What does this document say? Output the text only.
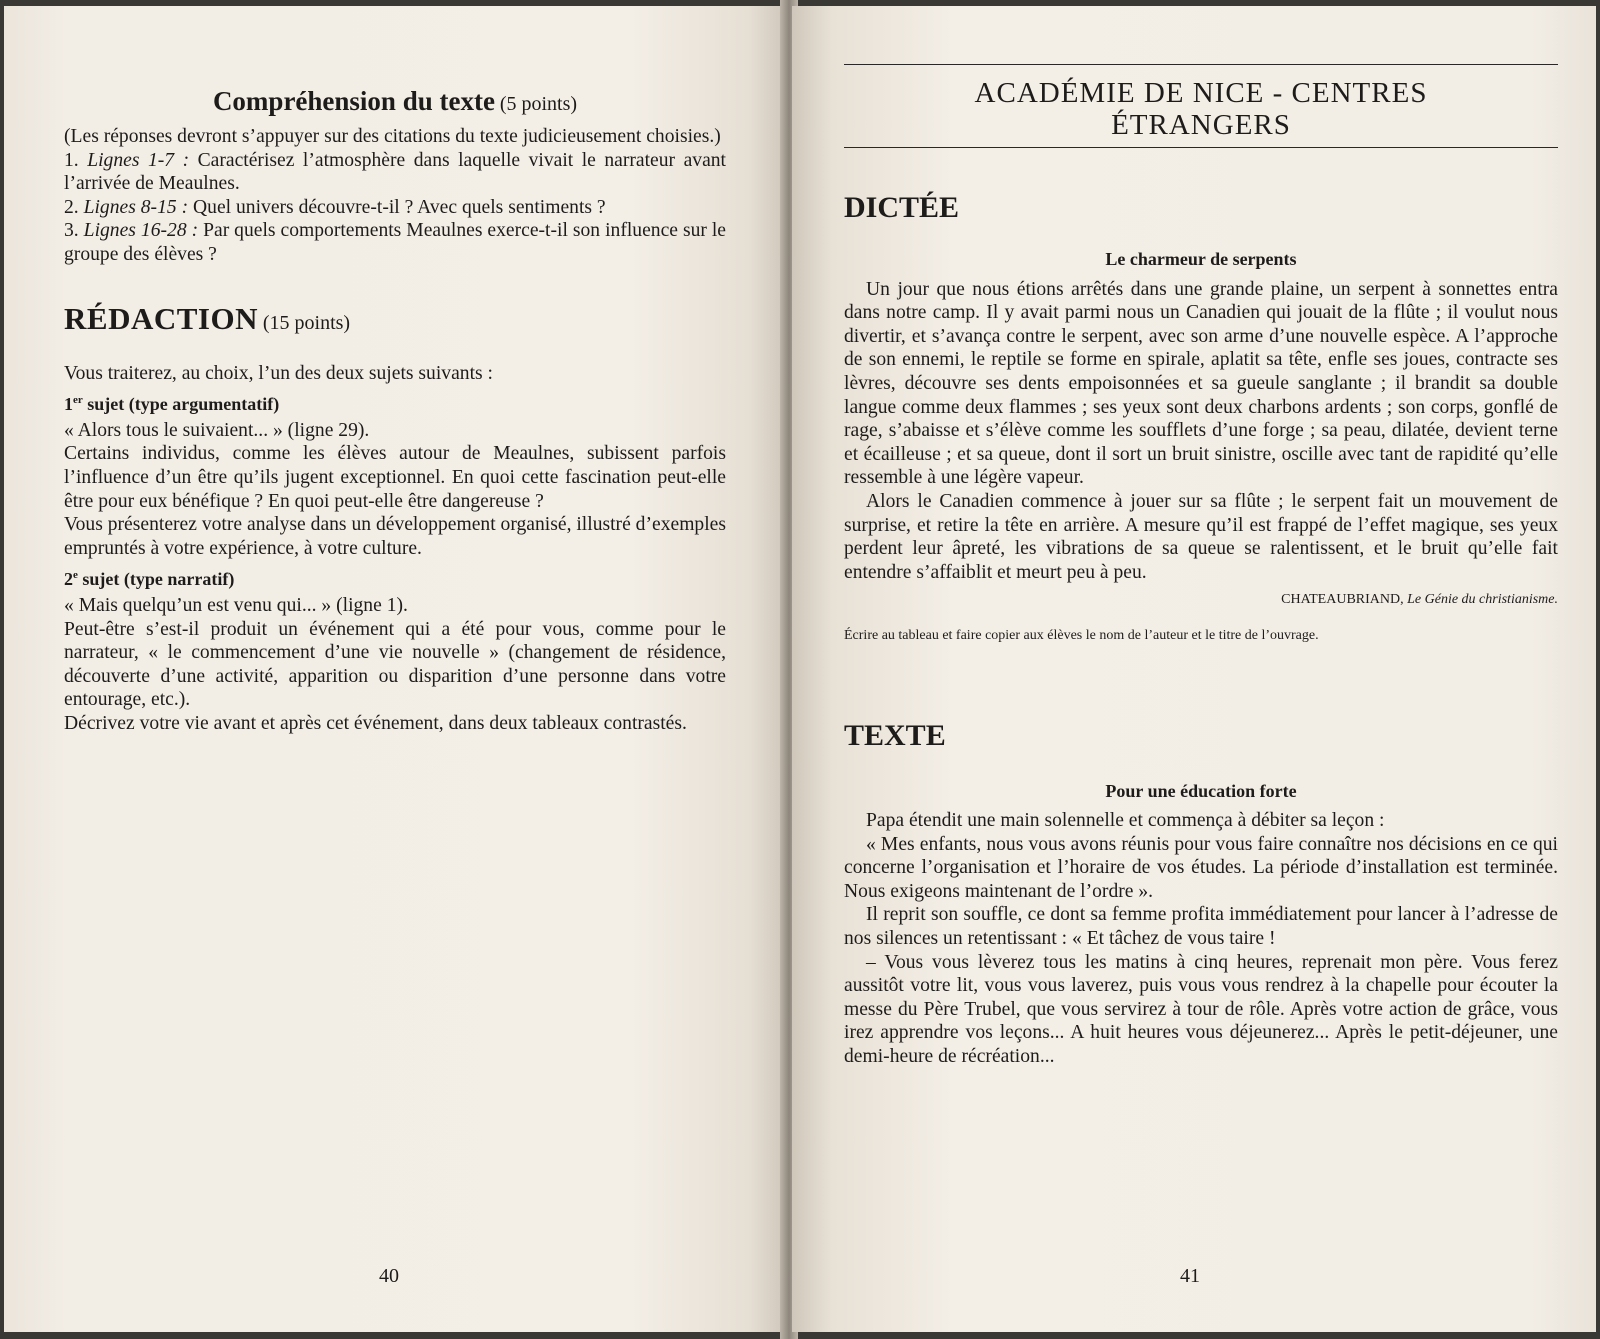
Compréhension du texte (5 points)

(Les réponses devront s’appuyer sur des citations du texte judicieusement choisies.)

1. Lignes 1-7 : Caractérisez l’atmosphère dans laquelle vivait le narrateur avant l’arrivée de Meaulnes.

2. Lignes 8-15 : Quel univers découvre-t-il ? Avec quels sentiments ?

3. Lignes 16-28 : Par quels comportements Meaulnes exerce-t-il son influence sur le groupe des élèves ?

RÉDACTION (15 points)

Vous traiterez, au choix, l’un des deux sujets suivants :

1er sujet (type argumentatif)

« Alors tous le suivaient... » (ligne 29).

Certains individus, comme les élèves autour de Meaulnes, subissent parfois l’influence d’un être qu’ils jugent exceptionnel. En quoi cette fascination peut-elle être pour eux bénéfique ? En quoi peut-elle être dangereuse ?

Vous présenterez votre analyse dans un développement organisé, illustré d’exemples empruntés à votre expérience, à votre culture.

2e sujet (type narratif)

« Mais quelqu’un est venu qui... » (ligne 1).

Peut-être s’est-il produit un événement qui a été pour vous, comme pour le narrateur, « le commencement d’une vie nouvelle » (changement de résidence, découverte d’une activité, apparition ou disparition d’une personne dans votre entourage, etc.).

Décrivez votre vie avant et après cet événement, dans deux tableaux contrastés.

40
ACADÉMIE DE NICE - CENTRES
ÉTRANGERS
DICTÉE
Le charmeur de serpents

Un jour que nous étions arrêtés dans une grande plaine, un serpent à sonnettes entra dans notre camp. Il y avait parmi nous un Canadien qui jouait de la flûte ; il voulut nous divertir, et s’avança contre le serpent, avec son arme d’une nouvelle espèce. A l’approche de son ennemi, le reptile se forme en spirale, aplatit sa tête, enfle ses joues, contracte ses lèvres, découvre ses dents empoisonnées et sa gueule sanglante ; il brandit sa double langue comme deux flammes ; ses yeux sont deux charbons ardents ; son corps, gonflé de rage, s’abaisse et s’élève comme les soufflets d’une forge ; sa peau, dilatée, devient terne et écailleuse ; et sa queue, dont il sort un bruit sinistre, oscille avec tant de rapidité qu’elle ressemble à une légère vapeur.

Alors le Canadien commence à jouer sur sa flûte ; le serpent fait un mouvement de surprise, et retire la tête en arrière. A mesure qu’il est frappé de l’effet magique, ses yeux perdent leur âpreté, les vibrations de sa queue se ralentissent, et le bruit qu’elle fait entendre s’affaiblit et meurt peu à peu.

CHATEAUBRIAND, Le Génie du christianisme.

Écrire au tableau et faire copier aux élèves le nom de l’auteur et le titre de l’ouvrage.

TEXTE
Pour une éducation forte

Papa étendit une main solennelle et commença à débiter sa leçon :

« Mes enfants, nous vous avons réunis pour vous faire connaître nos décisions en ce qui concerne l’organisation et l’horaire de vos études. La période d’installation est terminée. Nous exigeons maintenant de l’ordre ».

Il reprit son souffle, ce dont sa femme profita immédiatement pour lancer à l’adresse de nos silences un retentissant : « Et tâchez de vous taire !

– Vous vous lèverez tous les matins à cinq heures, reprenait mon père. Vous ferez aussitôt votre lit, vous vous laverez, puis vous vous rendrez à la chapelle pour écouter la messe du Père Trubel, que vous servirez à tour de rôle. Après votre action de grâce, vous irez apprendre vos leçons... A huit heures vous déjeunerez... Après le petit-déjeuner, une demi-heure de récréation...

41
